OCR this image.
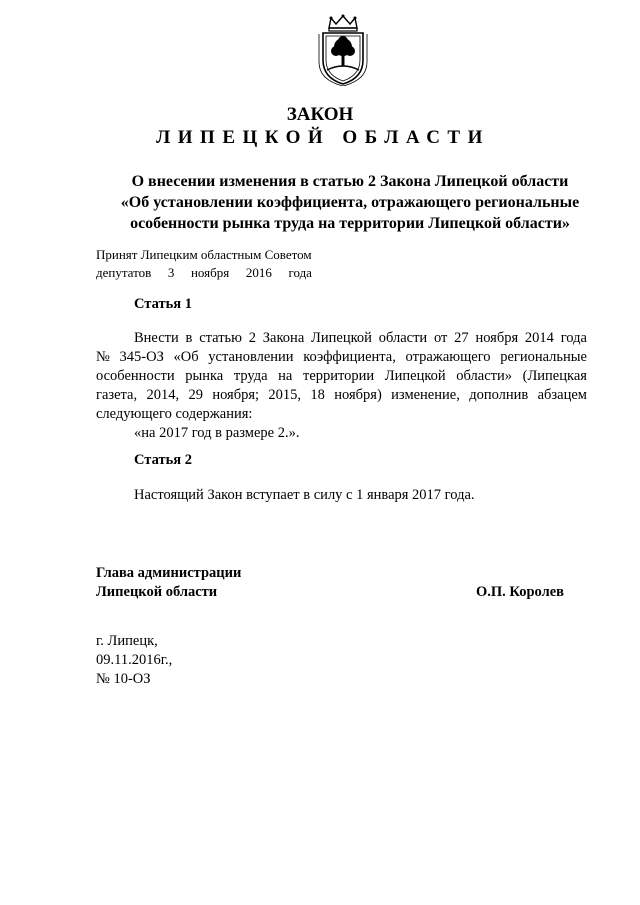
ЗАКОН
ЛИПЕЦКОЙ ОБЛАСТИ
О внесении изменения в статью 2 Закона Липецкой области
«Об установлении коэффициента, отражающего региональные
особенности рынка труда на территории Липецкой области»
Принят Липецким областным Советом
депутатов 3 ноября 2016 года
Статья 1
Внести в статью 2 Закона Липецкой области от 27 ноября 2014 года
№ 345-ОЗ «Об установлении коэффициента, отражающего региональные
особенности рынка труда на территории Липецкой области» (Липецкая
газета, 2014, 29 ноября; 2015, 18 ноября) изменение, дополнив абзацем
следующего содержания:
«на 2017 год в размере 2.».
Статья 2
Настоящий Закон вступает в силу с 1 января 2017 года.
Глава администрации
Липецкой области	О.П. Королев
г. Липецк,
09.11.2016г.,
№ 10-ОЗ
